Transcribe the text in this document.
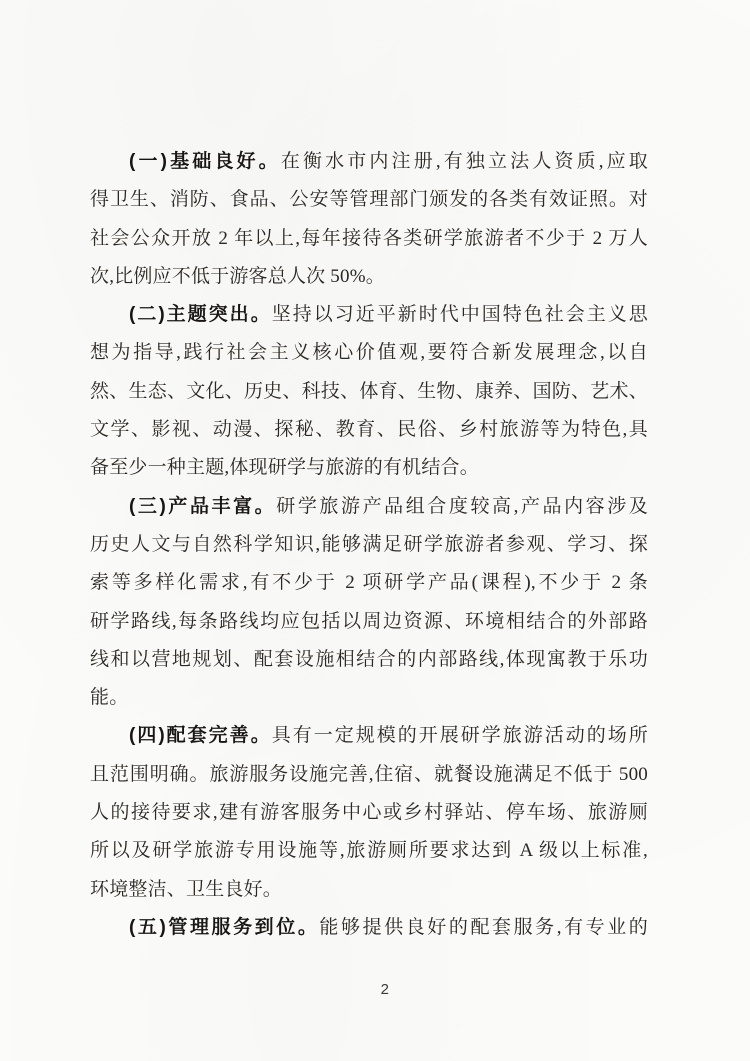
(一)基础良好。在衡水市内注册,有独立法人资质,应取
得卫生、消防、食品、公安等管理部门颁发的各类有效证照。对
社会公众开放 2 年以上,每年接待各类研学旅游者不少于 2 万人
次,比例应不低于游客总人次 50%。
(二)主题突出。坚持以习近平新时代中国特色社会主义思
想为指导,践行社会主义核心价值观,要符合新发展理念,以自
然、生态、文化、历史、科技、体育、生物、康养、国防、艺术、
文学、影视、动漫、探秘、教育、民俗、乡村旅游等为特色,具
备至少一种主题,体现研学与旅游的有机结合。
(三)产品丰富。研学旅游产品组合度较高,产品内容涉及
历史人文与自然科学知识,能够满足研学旅游者参观、学习、探
索等多样化需求,有不少于 2 项研学产品(课程),不少于 2 条
研学路线,每条路线均应包括以周边资源、环境相结合的外部路
线和以营地规划、配套设施相结合的内部路线,体现寓教于乐功
能。
(四)配套完善。具有一定规模的开展研学旅游活动的场所
且范围明确。旅游服务设施完善,住宿、就餐设施满足不低于 500
人的接待要求,建有游客服务中心或乡村驿站、停车场、旅游厕
所以及研学旅游专用设施等,旅游厕所要求达到 A 级以上标准,
环境整洁、卫生良好。
(五)管理服务到位。能够提供良好的配套服务,有专业的
2
